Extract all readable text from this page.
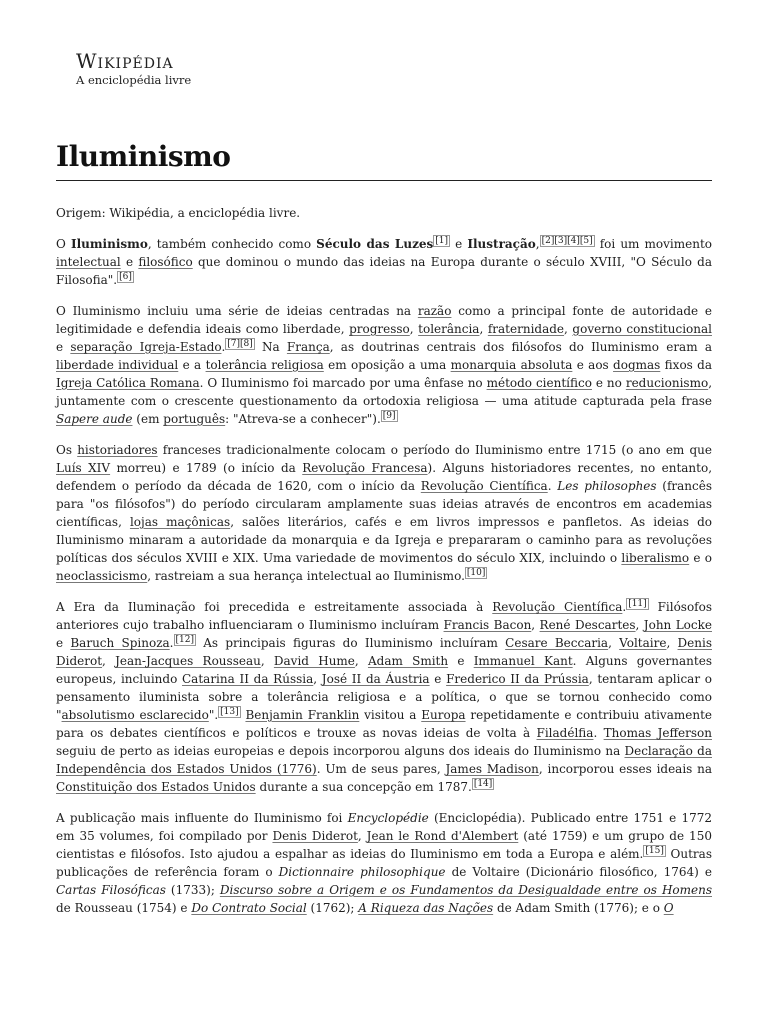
Wikipédia
A enciclopédia livre
Iluminismo

Origem: Wikipédia, a enciclopédia livre.

O Iluminismo, também conhecido como Século das Luzes [1] e Ilustração, [2][3][4][5] foi um movimento intelectual e filosófico que dominou o mundo das ideias na Europa durante o século XVIII, "O Século da Filosofia". [6]

O Iluminismo incluiu uma série de ideias centradas na razão como a principal fonte de autoridade e legitimidade e defendia ideais como liberdade, progresso, tolerância, fraternidade, governo constitucional e separação Igreja-Estado. [7][8] Na França, as doutrinas centrais dos filósofos do Iluminismo eram a liberdade individual e a tolerância religiosa em oposição a uma monarquia absoluta e aos dogmas fixos da Igreja Católica Romana. O Iluminismo foi marcado por uma ênfase no método científico e no reducionismo, juntamente com o crescente questionamento da ortodoxia religiosa — uma atitude capturada pela frase Sapere aude (em português: "Atreva-se a conhecer"). [9]

Os historiadores franceses tradicionalmente colocam o período do Iluminismo entre 1715 (o ano em que Luís XIV morreu) e 1789 (o início da Revolução Francesa). Alguns historiadores recentes, no entanto, defendem o período da década de 1620, com o início da Revolução Científica. Les philosophes (francês para "os filósofos") do período circularam amplamente suas ideias através de encontros em academias científicas, lojas maçônicas, salões literários, cafés e em livros impressos e panfletos. As ideias do Iluminismo minaram a autoridade da monarquia e da Igreja e prepararam o caminho para as revoluções políticas dos séculos XVIII e XIX. Uma variedade de movimentos do século XIX, incluindo o liberalismo e o neoclassicismo, rastreiam a sua herança intelectual ao Iluminismo. [10]

A Era da Iluminação foi precedida e estreitamente associada à Revolução Científica. [11] Filósofos anteriores cujo trabalho influenciaram o Iluminismo incluíram Francis Bacon, René Descartes, John Locke e Baruch Spinoza. [12] As principais figuras do Iluminismo incluíram Cesare Beccaria, Voltaire, Denis Diderot, Jean-Jacques Rousseau, David Hume, Adam Smith e Immanuel Kant. Alguns governantes europeus, incluindo Catarina II da Rússia, José II da Áustria e Frederico II da Prússia, tentaram aplicar o pensamento iluminista sobre a tolerância religiosa e a política, o que se tornou conhecido como "absolutismo esclarecido". [13] Benjamin Franklin visitou a Europa repetidamente e contribuiu ativamente para os debates científicos e políticos e trouxe as novas ideias de volta à Filadélfia. Thomas Jefferson seguiu de perto as ideias europeias e depois incorporou alguns dos ideais do Iluminismo na Declaração da Independência dos Estados Unidos (1776). Um de seus pares, James Madison, incorporou esses ideais na Constituição dos Estados Unidos durante a sua concepção em 1787. [14]

A publicação mais influente do Iluminismo foi Encyclopédie (Enciclopédia). Publicado entre 1751 e 1772 em 35 volumes, foi compilado por Denis Diderot, Jean le Rond d'Alembert (até 1759) e um grupo de 150 cientistas e filósofos. Isto ajudou a espalhar as ideias do Iluminismo em toda a Europa e além. [15] Outras publicações de referência foram o Dictionnaire philosophique de Voltaire (Dicionário filosófico, 1764) e Cartas Filosóficas (1733); Discurso sobre a Origem e os Fundamentos da Desigualdade entre os Homens de Rousseau (1754) e Do Contrato Social (1762); A Riqueza das Nações de Adam Smith (1776); e o O
